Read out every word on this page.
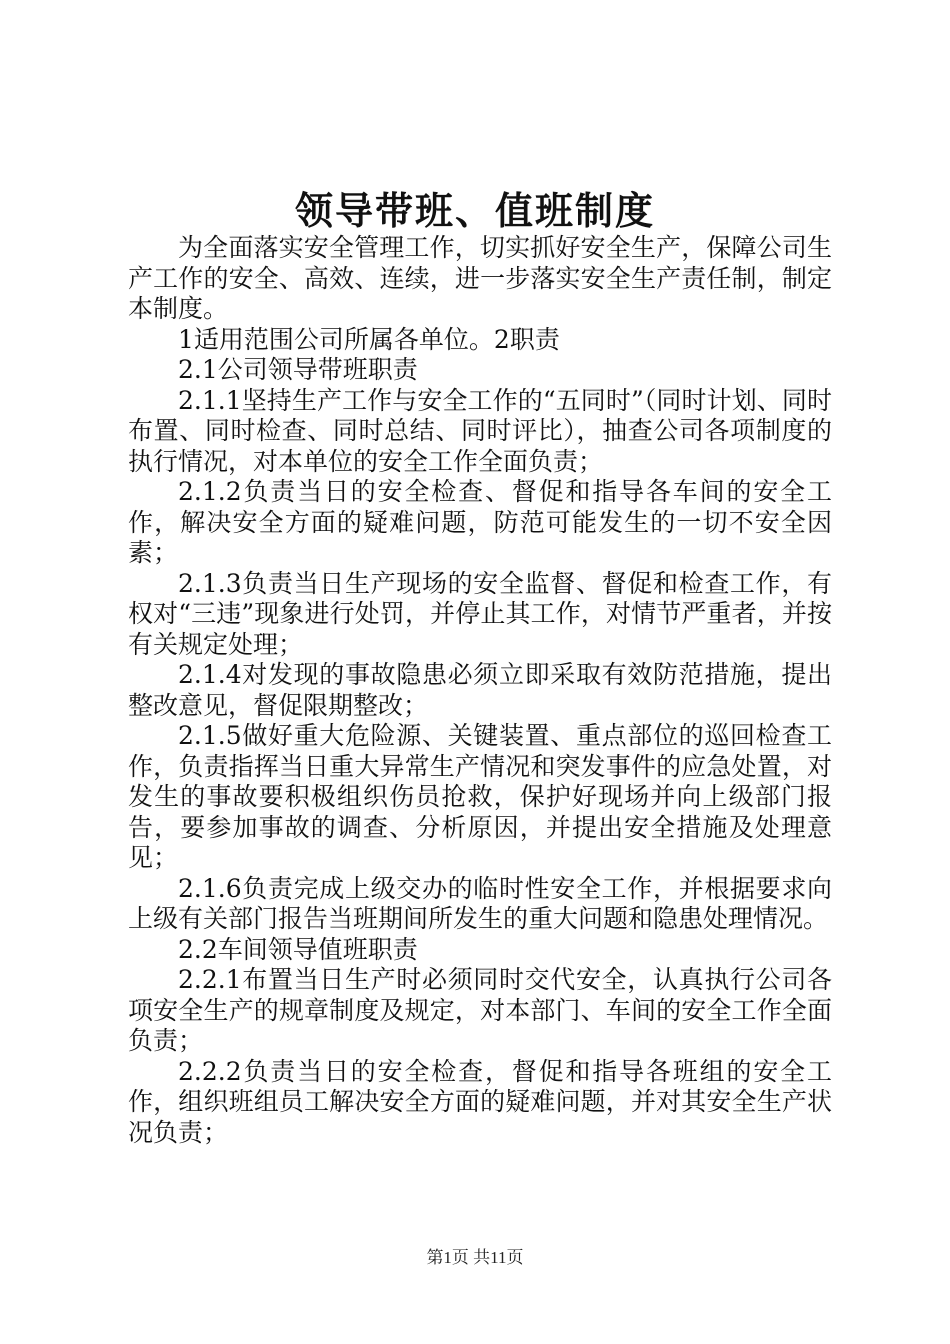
领导带班、值班制度

为全面落实安全管理工作，切实抓好安全生产，保障公司生产工作的安全、高效、连续，进一步落实安全生产责任制，制定本制度。

1适用范围公司所属各单位。2职责

2.1公司领导带班职责

2.1.1坚持生产工作与安全工作的“五同时”（同时计划、同时布置、同时检查、同时总结、同时评比），抽查公司各项制度的执行情况，对本单位的安全工作全面负责；

2.1.2负责当日的安全检查、督促和指导各车间的安全工作，解决安全方面的疑难问题，防范可能发生的一切不安全因素；

2.1.3负责当日生产现场的安全监督、督促和检查工作，有权对“三违”现象进行处罚，并停止其工作，对情节严重者，并按有关规定处理；

2.1.4对发现的事故隐患必须立即采取有效防范措施，提出整改意见，督促限期整改；

2.1.5做好重大危险源、关键装置、重点部位的巡回检查工作，负责指挥当日重大异常生产情况和突发事件的应急处置，对发生的事故要积极组织伤员抢救，保护好现场并向上级部门报告，要参加事故的调查、分析原因，并提出安全措施及处理意见；

2.1.6负责完成上级交办的临时性安全工作，并根据要求向上级有关部门报告当班期间所发生的重大问题和隐患处理情况。

2.2车间领导值班职责

2.2.1布置当日生产时必须同时交代安全，认真执行公司各项安全生产的规章制度及规定，对本部门、车间的安全工作全面负责；

2.2.2负责当日的安全检查，督促和指导各班组的安全工作，组织班组员工解决安全方面的疑难问题，并对其安全生产状况负责；

第1页 共11页
